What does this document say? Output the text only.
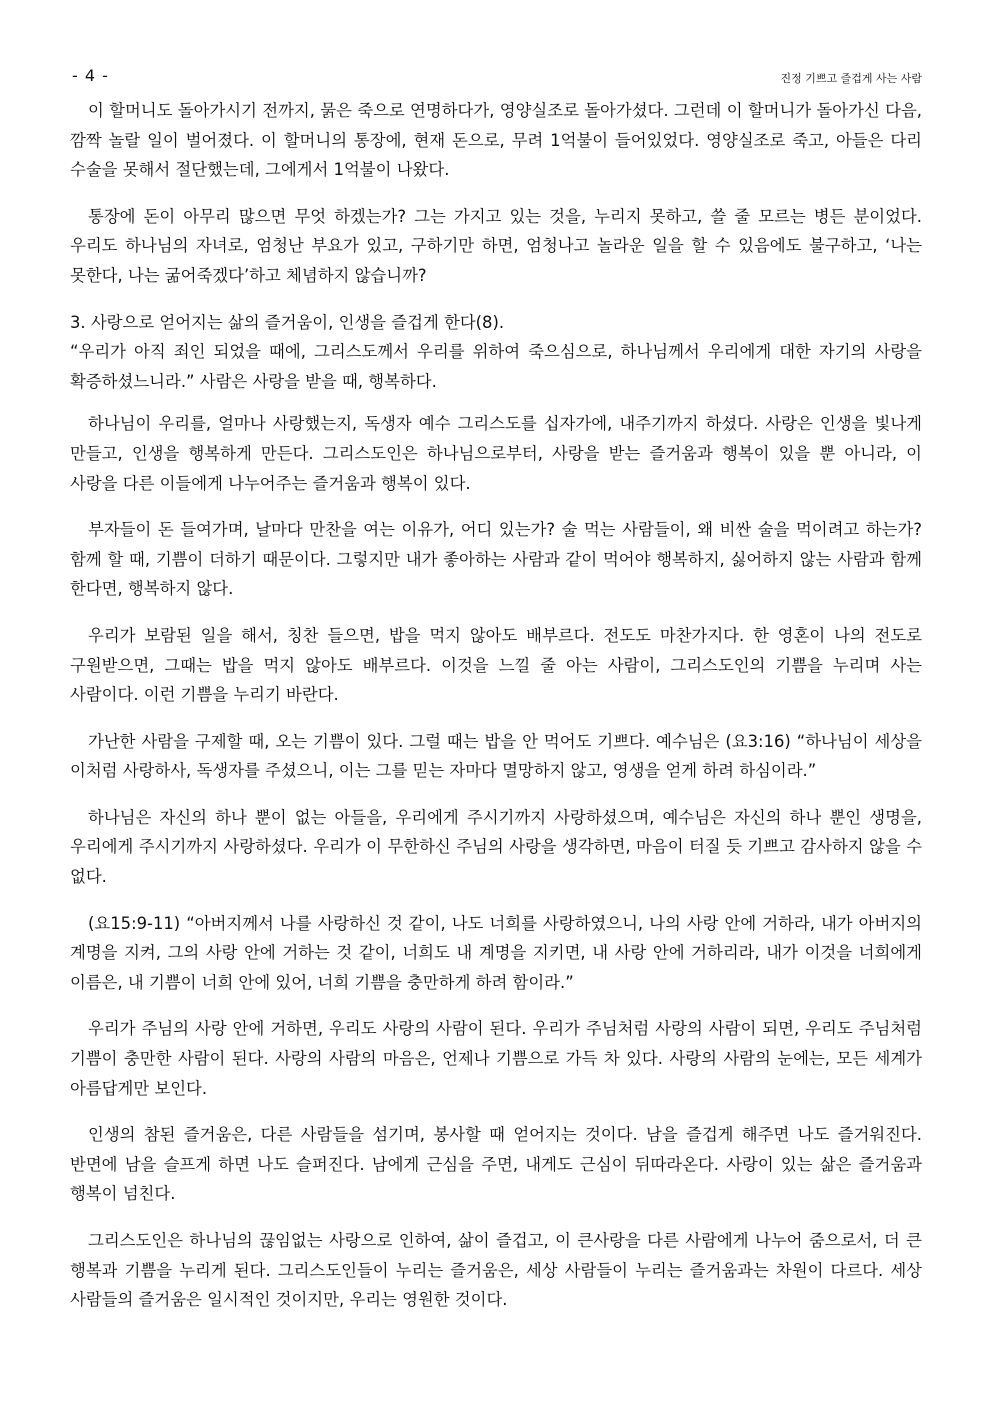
- 4 -	진정 기쁘고 즐겁게 사는 사람

이 할머니도 돌아가시기 전까지, 묽은 죽으로 연명하다가, 영양실조로 돌아가셨다. 그런데 이 할머니가 돌아가신 다음, 깜짝 놀랄 일이 벌어졌다. 이 할머니의 통장에, 현재 돈으로, 무려 1억불이 들어있었다. 영양실조로 죽고, 아들은 다리 수술을 못해서 절단했는데, 그에게서 1억불이 나왔다.

통장에 돈이 아무리 많으면 무엇 하겠는가? 그는 가지고 있는 것을, 누리지 못하고, 쓸 줄 모르는 병든 분이었다. 우리도 하나님의 자녀로, 엄청난 부요가 있고, 구하기만 하면, 엄청나고 놀라운 일을 할 수 있음에도 불구하고, ‘나는 못한다, 나는 굶어죽겠다’하고 체념하지 않습니까?

3. 사랑으로 얻어지는 삶의 즐거움이, 인생을 즐겁게 한다(8).

“우리가 아직 죄인 되었을 때에, 그리스도께서 우리를 위하여 죽으심으로, 하나님께서 우리에게 대한 자기의 사랑을 확증하셨느니라.” 사람은 사랑을 받을 때, 행복하다.

하나님이 우리를, 얼마나 사랑했는지, 독생자 예수 그리스도를 십자가에, 내주기까지 하셨다. 사랑은 인생을 빛나게 만들고, 인생을 행복하게 만든다. 그리스도인은 하나님으로부터, 사랑을 받는 즐거움과 행복이 있을 뿐 아니라, 이 사랑을 다른 이들에게 나누어주는 즐거움과 행복이 있다.

부자들이 돈 들여가며, 날마다 만찬을 여는 이유가, 어디 있는가? 술 먹는 사람들이, 왜 비싼 술을 먹이려고 하는가? 함께 할 때, 기쁨이 더하기 때문이다. 그렇지만 내가 좋아하는 사람과 같이 먹어야 행복하지, 싫어하지 않는 사람과 함께 한다면, 행복하지 않다.

우리가 보람된 일을 해서, 칭찬 들으면, 밥을 먹지 않아도 배부르다. 전도도 마찬가지다. 한 영혼이 나의 전도로 구원받으면, 그때는 밥을 먹지 않아도 배부르다. 이것을 느낄 줄 아는 사람이, 그리스도인의 기쁨을 누리며 사는 사람이다. 이런 기쁨을 누리기 바란다.

가난한 사람을 구제할 때, 오는 기쁨이 있다. 그럴 때는 밥을 안 먹어도 기쁘다. 예수님은 (요3:16) “하나님이 세상을 이처럼 사랑하사, 독생자를 주셨으니, 이는 그를 믿는 자마다 멸망하지 않고, 영생을 얻게 하려 하심이라.”

하나님은 자신의 하나 뿐이 없는 아들을, 우리에게 주시기까지 사랑하셨으며, 예수님은 자신의 하나 뿐인 생명을, 우리에게 주시기까지 사랑하셨다. 우리가 이 무한하신 주님의 사랑을 생각하면, 마음이 터질 듯 기쁘고 감사하지 않을 수 없다.

(요15:9-11) “아버지께서 나를 사랑하신 것 같이, 나도 너희를 사랑하였으니, 나의 사랑 안에 거하라, 내가 아버지의 계명을 지켜, 그의 사랑 안에 거하는 것 같이, 너희도 내 계명을 지키면, 내 사랑 안에 거하리라, 내가 이것을 너희에게 이름은, 내 기쁨이 너희 안에 있어, 너희 기쁨을 충만하게 하려 함이라.”

우리가 주님의 사랑 안에 거하면, 우리도 사랑의 사람이 된다. 우리가 주님처럼 사랑의 사람이 되면, 우리도 주님처럼 기쁨이 충만한 사람이 된다. 사랑의 사람의 마음은, 언제나 기쁨으로 가득 차 있다. 사랑의 사람의 눈에는, 모든 세계가 아름답게만 보인다.

인생의 참된 즐거움은, 다른 사람들을 섬기며, 봉사할 때 얻어지는 것이다. 남을 즐겁게 해주면 나도 즐거워진다. 반면에 남을 슬프게 하면 나도 슬퍼진다. 남에게 근심을 주면, 내게도 근심이 뒤따라온다. 사랑이 있는 삶은 즐거움과 행복이 넘친다.

그리스도인은 하나님의 끊임없는 사랑으로 인하여, 삶이 즐겁고, 이 큰사랑을 다른 사람에게 나누어 줌으로서, 더 큰 행복과 기쁨을 누리게 된다. 그리스도인들이 누리는 즐거움은, 세상 사람들이 누리는 즐거움과는 차원이 다르다. 세상 사람들의 즐거움은 일시적인 것이지만, 우리는 영원한 것이다.
